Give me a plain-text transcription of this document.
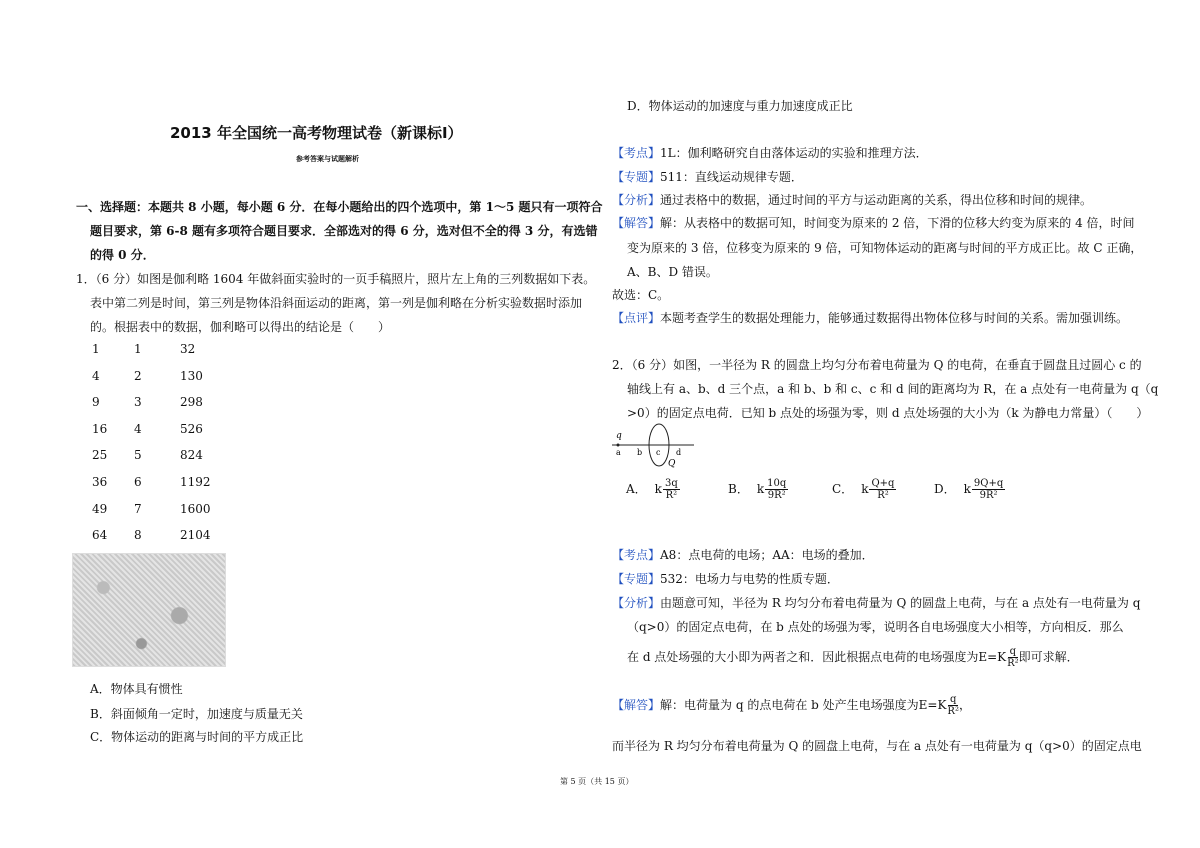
2013 年全国统一高考物理试卷（新课标Ⅰ）
参考答案与试题解析
一、选择题：本题共 8 小题，每小题 6 分．在每小题给出的四个选项中，第 1～5 题只有一项符合
题目要求，第 6-8 题有多项符合题目要求．全部选对的得 6 分，选对但不全的得 3 分，有选错
的得 0 分．
1．（6 分）如图是伽利略 1604 年做斜面实验时的一页手稿照片，照片左上角的三列数据如下表。
表中第二列是时间，第三列是物体沿斜面运动的距离，第一列是伽利略在分析实验数据时添加
的。根据表中的数据，伽利略可以得出的结论是（　　）
1	1	32
4	2	130
9	3	298
16 4	526
25 5	824
36 6	1192
49 7	1600
64 8	2104
A．物体具有惯性
B．斜面倾角一定时，加速度与质量无关
C．物体运动的距离与时间的平方成正比
D．物体运动的加速度与重力加速度成正比
【考点】1L：伽利略研究自由落体运动的实验和推理方法．
【专题】511：直线运动规律专题．
【分析】通过表格中的数据，通过时间的平方与运动距离的关系，得出位移和时间的规律。
【解答】解：从表格中的数据可知，时间变为原来的 2 倍，下滑的位移大约变为原来的 4 倍，时间
变为原来的 3 倍，位移变为原来的 9 倍，可知物体运动的距离与时间的平方成正比。故 C 正确，
A、B、D 错误。
故选：C。
【点评】本题考查学生的数据处理能力，能够通过数据得出物体位移与时间的关系。需加强训练。
2．（6 分）如图，一半径为 R 的圆盘上均匀分布着电荷量为 Q 的电荷，在垂直于圆盘且过圆心 c 的
轴线上有 a、b、d 三个点，a 和 b、b 和 c、c 和 d 间的距离均为 R，在 a 点处有一电荷量为 q（q
>0）的固定点电荷．已知 b 点处的场强为零，则 d 点处场强的大小为（k 为静电力常量）（　　）
q
a b c d
Q
A． k $\frac{3q}{\text{R²}}$	B． k $\frac{10q}{\text{9R²}}$	C． k $\frac{Q+q}{\text{R²}}$	D． k $\frac{9Q+q}{\text{9R²}}$
【考点】A8：点电荷的电场；AA：电场的叠加．
【专题】532：电场力与电势的性质专题．
【分析】由题意可知，半径为 R 均匀分布着电荷量为 Q 的圆盘上电荷，与在 a 点处有一电荷量为 q
（q>0）的固定点电荷，在 b 点处的场强为零，说明各自电场强度大小相等，方向相反．那么
在 d 点处场强的大小即为两者之和．因此根据点电荷的电场强度为$E=K \frac{q}{\text{R²}}$ 即可求解．
【解答】解：电荷量为 q 的点电荷在 b 处产生电场强度为$E=K \frac{q}{\text{R²}}$ ，
而半径为 R 均匀分布着电荷量为 Q 的圆盘上电荷，与在 a 点处有一电荷量为 q（q>0）的固定点电
第 5 页（共 15 页）
